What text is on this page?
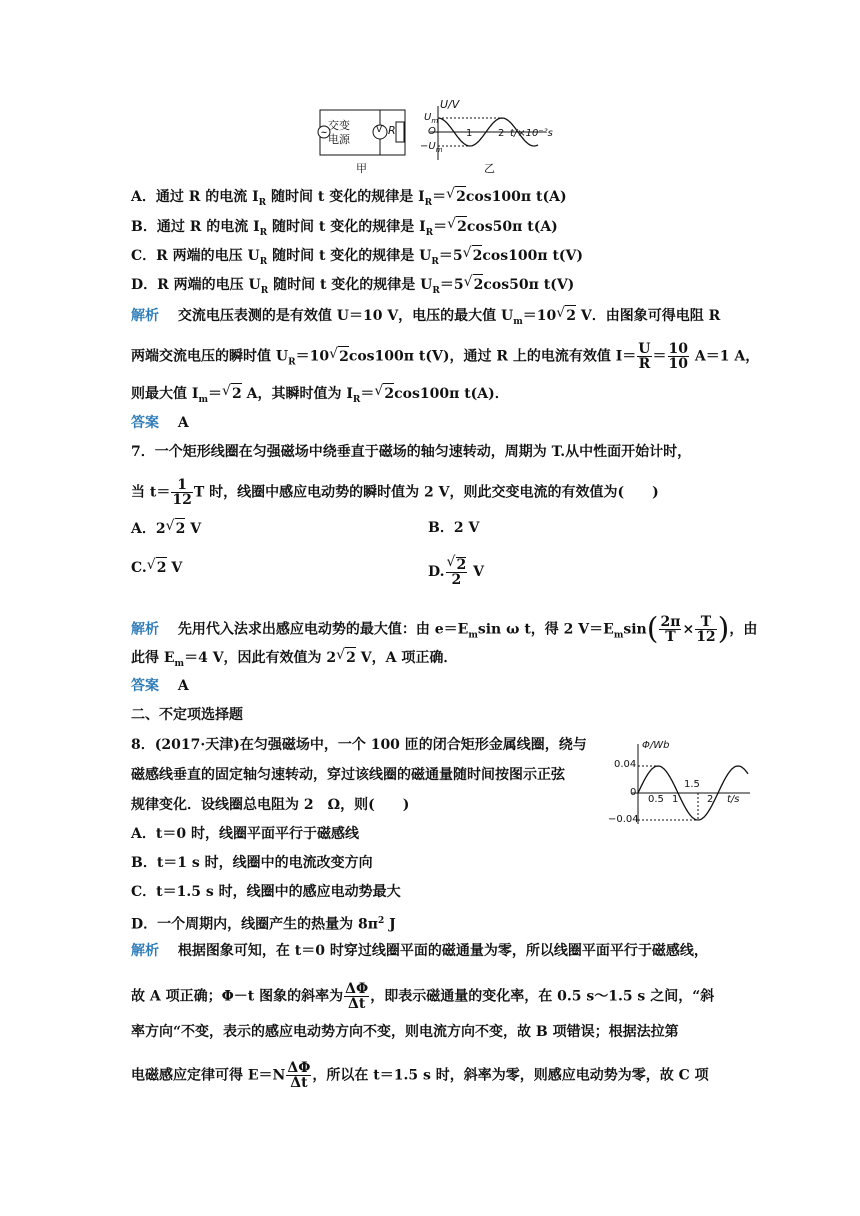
~
交变
电源
V R
甲	乙
U/V
$U_m$
O
$-U_m$
1	2 t/×10⁻²s
A．通过 R 的电流 $I_R$ 随时间 t 变化的规律是 $I_R=√$ 2cos100π t(A)
B．通过 R 的电流 $I_R$ 随时间 t 变化的规律是 $I_R=√$ 2cos50π t(A)
C．R 两端的电压 $U_R$ 随时间 t 变化的规律是 $U_R=5√$ 2cos100π t(V)
D．R 两端的电压 $U_R$ 随时间 t 变化的规律是 $U_R=5√$ 2cos50π t(V)
解析　 交流电压表测的是有效值 U＝10 V，电压的最大值 $U_m=10√$ 2 V．由图象可得电阻 R
两端交流电压的瞬时值 $U_R=10√$ 2cos100π t(V)，通过 R 上的电流有效值 $I= \frac{U}{R} = \frac{10}{10} A=1$ A，
则最大值 $I_m=√$ 2 A，其瞬时值为 $I_R=√$ 2cos100π t(A)．
答案　 A
7．一个矩形线圈在匀强磁场中绕垂直于磁场的轴匀速转动，周期为 T.从中性面开始计时，
当 $t= \frac{1}{12}$ T 时，线圈中感应电动势的瞬时值为 2 V，则此交变电流的有效值为(　　)
A．2√ 2 V	B．2 V
C.√ 2 V	D.
√ $\frac{2}{2}$ V
解析　 先用代入法求出感应电动势的最大值：由 $e=E_m\sin$ ω t，得 2 $V=E_m\sin( \frac{2\pi}{T} \times \frac{T}{12}$ )，由
此得 $E_m=4$ V，因此有效值为 2√ 2 V，A 项正确．
答案　 A
二、不定项选择题
8．(2017·天津)在匀强磁场中，一个 100 匝的闭合矩形金属线圈，绕与
磁感线垂直的固定轴匀速转动，穿过该线圈的磁通量随时间按图示正弦
规律变化．设线圈总电阻为 2　Ω，则(　　)
A．t＝0 时，线圈平面平行于磁感线
B．t＝1 s 时，线圈中的电流改变方向
C．t＝1.5 s 时，线圈中的感应电动势最大
D．一个周期内，线圈产生的热量为 $8\pi^2$ J
Φ/Wb
0.04
0
−0.04
0.5 1
1.5
2 t/s
解析　 根据图象可知，在 t＝0 时穿过线圈平面的磁通量为零，所以线圈平面平行于磁感线，
故 A 项正确；Φ－t 图象的斜率为 $\frac{\Delta\Phi}{\Delta t}$ ，即表示磁通量的变化率，在 0.5 s～1.5 s 之间，“斜
率方向“不变，表示的感应电动势方向不变，则电流方向不变，故 B 项错误；根据法拉第
电磁感应定律可得 $E=N \frac{\Delta\Phi}{\Delta t}$ ，所以在 t＝1.5 s 时，斜率为零，则感应电动势为零，故 C 项
